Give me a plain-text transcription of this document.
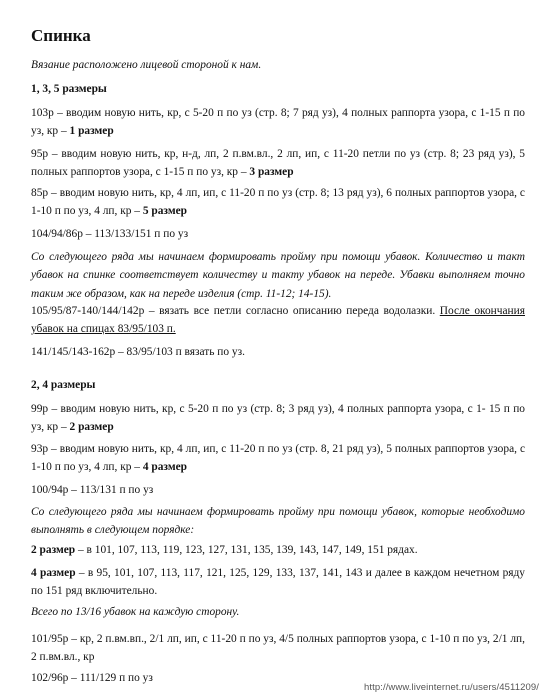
Спинка

Вязание расположено лицевой стороной к нам.

1, 3, 5 размеры

103р – вводим новую нить, кр, с 5-20 п по уз (стр. 8; 7 ряд уз), 4 полных раппорта узора, с 1-15 п по уз, кр – 1 размер

95р – вводим новую нить, кр, н-д, лп, 2 п.вм.вл., 2 лп, ип, с 11-20 петли по уз (стр. 8; 23 ряд уз), 5 полных раппортов узора, с 1-15 п по уз, кр – 3 размер

85р – вводим новую нить, кр, 4 лп, ип, с 11-20 п по уз (стр. 8; 13 ряд уз), 6 полных раппортов узора, с 1-10 п по уз, 4 лп, кр – 5 размер

104/94/86р – 113/133/151 п по уз

Со следующего ряда мы начинаем формировать пройму при помощи убавок. Количество и такт убавок на спинке соответствует количеству и такту убавок на переде. Убавки выполняем точно таким же образом, как на переде изделия (стр. 11-12; 14-15).

105/95/87-140/144/142р – вязать все петли согласно описанию переда водолазки. После окончания убавок на спицах 83/95/103 п.

141/145/143-162р – 83/95/103 п вязать по уз.

2, 4 размеры

99р – вводим новую нить, кр, с 5-20 п по уз (стр. 8; 3 ряд уз), 4 полных раппорта узора, с 1- 15 п по уз, кр – 2 размер

93р – вводим новую нить, кр, 4 лп, ип, с 11-20 п по уз (стр. 8, 21 ряд уз), 5 полных раппортов узора, с 1-10 п по уз, 4 лп, кр – 4 размер

100/94р – 113/131 п по уз

Со следующего ряда мы начинаем формировать пройму при помощи убавок, которые необходимо выполнять в следующем порядке:

2 размер – в 101, 107, 113, 119, 123, 127, 131, 135, 139, 143, 147, 149, 151 рядах.

4 размер – в 95, 101, 107, 113, 117, 121, 125, 129, 133, 137, 141, 143 и далее в каждом нечетном ряду по 151 ряд включительно.

Всего по 13/16 убавок на каждую сторону.

101/95р – кр, 2 п.вм.вп., 2/1 лп, ип, с 11-20 п по уз, 4/5 полных раппортов узора, с 1-10 п по уз, 2/1 лп, 2 п.вм.вл., кр

102/96р – 111/129 п по уз

http://www.liveinternet.ru/users/4511209/
